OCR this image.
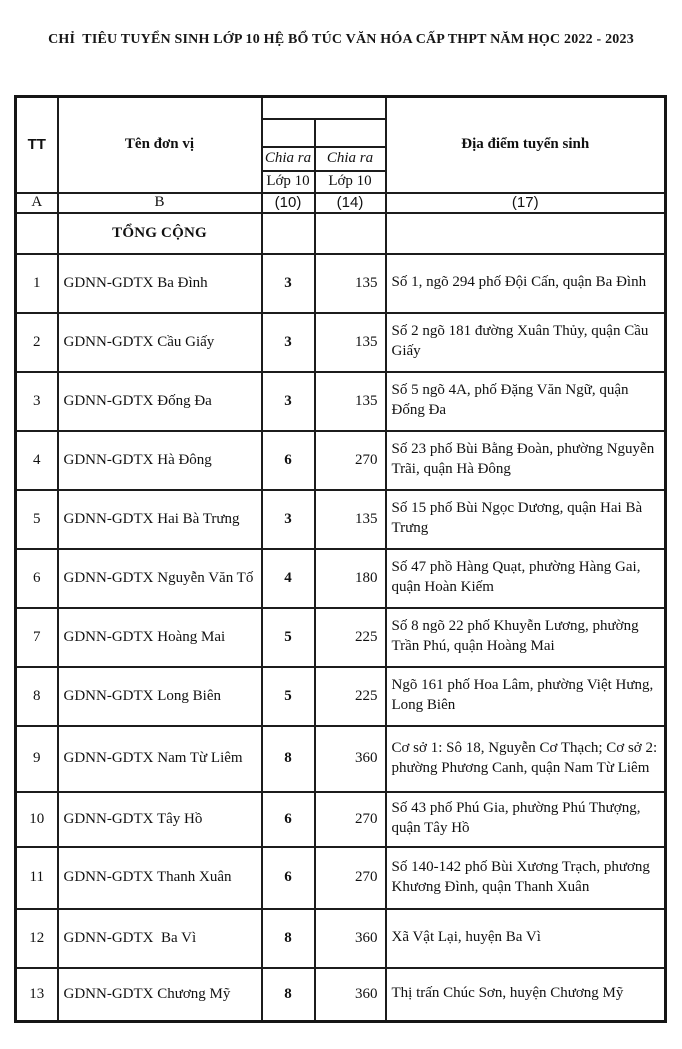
CHỈ  TIÊU TUYỂN SINH LỚP 10 HỆ BỔ TÚC VĂN HÓA CẤP THPT NĂM HỌC 2022 - 2023
TT	Tên đơn vị			Địa điểm tuyển sinh

		Chia ra	Chia ra	
		Lớp 10	Lớp 10	
A	B	(10)	(14)	(17)
	TỔNG CỘNG			
1	GDNN-GDTX Ba Đình	3	135	Số 1, ngõ 294 phố Đội Cấn, quận Ba Đình
2	GDNN-GDTX Cầu Giấy	3	135	Số 2 ngõ 181 đường Xuân Thủy, quận Cầu Giấy
3	GDNN-GDTX Đống Đa	3	135	Số 5 ngõ 4A, phố Đặng Văn Ngữ, quận Đống Đa
4	GDNN-GDTX Hà Đông	6	270	Số 23 phố Bùi Bằng Đoàn, phường Nguyễn Trãi, quận Hà Đông
5	GDNN-GDTX Hai Bà Trưng	3	135	Số 15 phố Bùi Ngọc Dương, quận Hai Bà Trưng
6	GDNN-GDTX Nguyễn Văn Tố	4	180	Số 47 phồ Hàng Quạt, phường Hàng Gai, quận Hoàn Kiếm
7	GDNN-GDTX Hoàng Mai	5	225	Số 8 ngõ 22 phố Khuyễn Lương, phường Trần Phú, quận Hoàng Mai
8	GDNN-GDTX Long Biên	5	225	Ngõ 161 phố Hoa Lâm, phường Việt Hưng, Long Biên
9	GDNN-GDTX Nam Từ Liêm	8	360	Cơ sở 1: Sô 18, Nguyễn Cơ Thạch; Cơ sở 2: phường Phương Canh, quận Nam Từ Liêm
10	GDNN-GDTX Tây Hồ	6	270	Số 43 phố Phú Gia, phường Phú Thượng, quận Tây Hồ
11	GDNN-GDTX Thanh Xuân	6	270	Số 140-142 phố Bùi Xương Trạch, phương Khương Đình, quận Thanh Xuân
12	GDNN-GDTX  Ba Vì	8	360	Xã Vật Lại, huyện Ba Vì
13	GDNN-GDTX Chương Mỹ	8	360	Thị trấn Chúc Sơn, huyện Chương Mỹ
